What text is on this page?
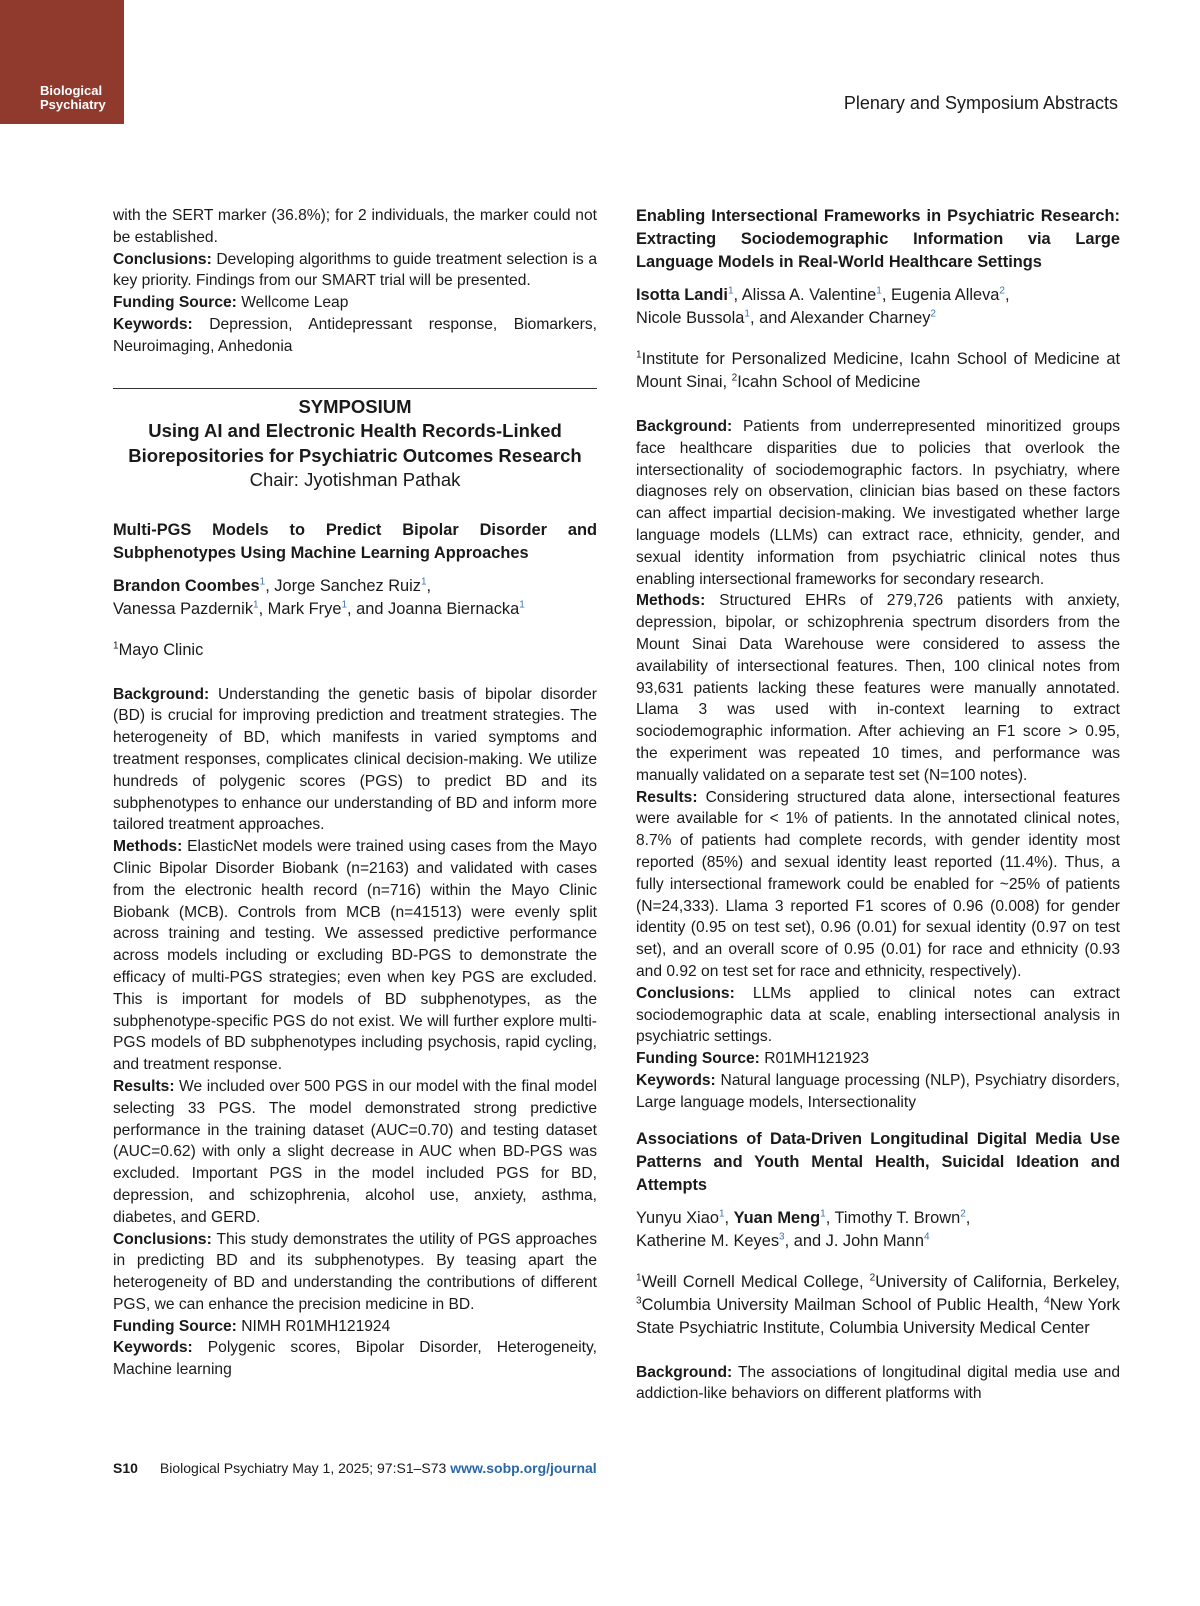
Biological
Psychiatry	Plenary and Symposium Abstracts

with the SERT marker (36.8%); for 2 individuals, the marker could not be established.

Conclusions: Developing algorithms to guide treatment selection is a key priority. Findings from our SMART trial will be presented.

Funding Source: Wellcome Leap

Keywords: Depression, Antidepressant response, Biomarkers, Neuroimaging, Anhedonia

SYMPOSIUM
Using AI and Electronic Health Records-Linked Biorepositories for Psychiatric Outcomes Research
Chair: Jyotishman Pathak

Multi-PGS Models to Predict Bipolar Disorder and Subphenotypes Using Machine Learning Approaches

Brandon Coombes$^1$, Jorge Sanchez Ruiz$^1$,
Vanessa Pazdernik$^1$, Mark Frye$^1$, and Joanna Biernacka$^1$

$^1$Mayo Clinic

Background: Understanding the genetic basis of bipolar disorder (BD) is crucial for improving prediction and treatment strategies. The heterogeneity of BD, which manifests in varied symptoms and treatment responses, complicates clinical decision-making. We utilize hundreds of polygenic scores (PGS) to predict BD and its subphenotypes to enhance our understanding of BD and inform more tailored treatment approaches.

Methods: ElasticNet models were trained using cases from the Mayo Clinic Bipolar Disorder Biobank (n=2163) and validated with cases from the electronic health record (n=716) within the Mayo Clinic Biobank (MCB). Controls from MCB (n=41513) were evenly split across training and testing. We assessed predictive performance across models including or excluding BD-PGS to demonstrate the efficacy of multi-PGS strategies; even when key PGS are excluded. This is important for models of BD subphenotypes, as the subphenotype-specific PGS do not exist. We will further explore multi-PGS models of BD subphenotypes including psychosis, rapid cycling, and treatment response.

Results: We included over 500 PGS in our model with the final model selecting 33 PGS. The model demonstrated strong predictive performance in the training dataset (AUC=0.70) and testing dataset (AUC=0.62) with only a slight decrease in AUC when BD-PGS was excluded. Important PGS in the model included PGS for BD, depression, and schizophrenia, alcohol use, anxiety, asthma, diabetes, and GERD.

Conclusions: This study demonstrates the utility of PGS approaches in predicting BD and its subphenotypes. By teasing apart the heterogeneity of BD and understanding the contributions of different PGS, we can enhance the precision medicine in BD.

Funding Source: NIMH R01MH121924

Keywords: Polygenic scores, Bipolar Disorder, Heterogeneity, Machine learning

Enabling Intersectional Frameworks in Psychiatric Research: Extracting Sociodemographic Information via Large Language Models in Real-World Healthcare Settings

Isotta Landi$^1$, Alissa A. Valentine$^1$, Eugenia Alleva$^2$,
Nicole Bussola$^1$, and Alexander Charney$^2$

$^1$Institute for Personalized Medicine, Icahn School of Medicine at Mount Sinai, $^2$Icahn School of Medicine

Background: Patients from underrepresented minoritized groups face healthcare disparities due to policies that overlook the intersectionality of sociodemographic factors. In psychiatry, where diagnoses rely on observation, clinician bias based on these factors can affect impartial decision-making. We investigated whether large language models (LLMs) can extract race, ethnicity, gender, and sexual identity information from psychiatric clinical notes thus enabling intersectional frameworks for secondary research.

Methods: Structured EHRs of 279,726 patients with anxiety, depression, bipolar, or schizophrenia spectrum disorders from the Mount Sinai Data Warehouse were considered to assess the availability of intersectional features. Then, 100 clinical notes from 93,631 patients lacking these features were manually annotated. Llama 3 was used with in-context learning to extract sociodemographic information. After achieving an F1 score > 0.95, the experiment was repeated 10 times, and performance was manually validated on a separate test set (N=100 notes).

Results: Considering structured data alone, intersectional features were available for < 1% of patients. In the annotated clinical notes, 8.7% of patients had complete records, with gender identity most reported (85%) and sexual identity least reported (11.4%). Thus, a fully intersectional framework could be enabled for ~25% of patients (N=24,333). Llama 3 reported F1 scores of 0.96 (0.008) for gender identity (0.95 on test set), 0.96 (0.01) for sexual identity (0.97 on test set), and an overall score of 0.95 (0.01) for race and ethnicity (0.93 and 0.92 on test set for race and ethnicity, respectively).

Conclusions: LLMs applied to clinical notes can extract sociodemographic data at scale, enabling intersectional analysis in psychiatric settings.

Funding Source: R01MH121923

Keywords: Natural language processing (NLP), Psychiatry disorders, Large language models, Intersectionality

Associations of Data-Driven Longitudinal Digital Media Use Patterns and Youth Mental Health, Suicidal Ideation and Attempts

Yunyu Xiao$^1$, Yuan Meng$^1$, Timothy T. Brown$^2$,
Katherine M. Keyes$^3$, and J. John Mann$^4$

$^1$Weill Cornell Medical College, $^2$University of California, Berkeley, $^3$Columbia University Mailman School of Public Health, $^4$New York State Psychiatric Institute, Columbia University Medical Center

Background: The associations of longitudinal digital media use and addiction-like behaviors on different platforms with

S10 Biological Psychiatry May 1, 2025; 97:S1–S73 www.sobp.org/journal
